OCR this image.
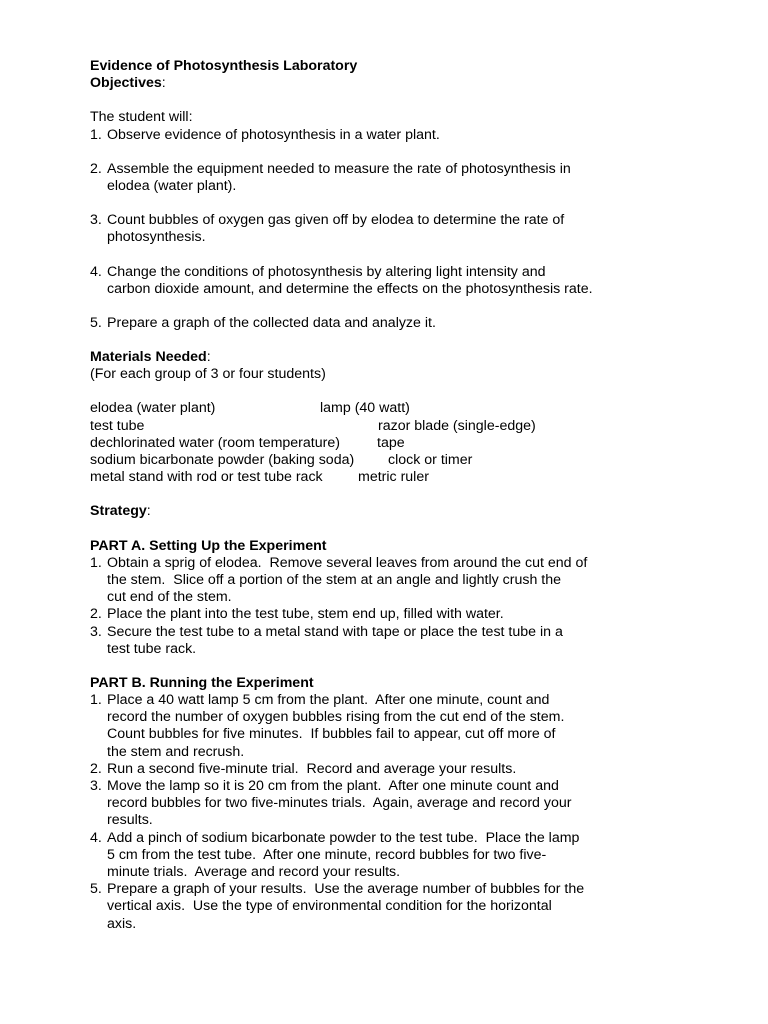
Evidence of Photosynthesis Laboratory
Objectives:
The student will:
1. Observe evidence of photosynthesis in a water plant.
2. Assemble the equipment needed to measure the rate of photosynthesis in
elodea (water plant).
3. Count bubbles of oxygen gas given off by elodea to determine the rate of
photosynthesis.
4. Change the conditions of photosynthesis by altering light intensity and
carbon dioxide amount, and determine the effects on the photosynthesis rate.
5. Prepare a graph of the collected data and analyze it.
Materials Needed:
(For each group of 3 or four students)
elodea (water plant)	lamp (40 watt)
test tube	razor blade (single-edge)
dechlorinated water (room temperature)	tape
sodium bicarbonate powder (baking soda) clock or timer
metal stand with rod or test tube rack metric ruler
Strategy:
PART A. Setting Up the Experiment
1. Obtain a sprig of elodea.  Remove several leaves from around the cut end of
the stem.  Slice off a portion of the stem at an angle and lightly crush the
cut end of the stem.
2. Place the plant into the test tube, stem end up, filled with water.
3. Secure the test tube to a metal stand with tape or place the test tube in a
test tube rack.
PART B. Running the Experiment
1. Place a 40 watt lamp 5 cm from the plant.  After one minute, count and
record the number of oxygen bubbles rising from the cut end of the stem.
Count bubbles for five minutes.  If bubbles fail to appear, cut off more of
the stem and recrush.
2. Run a second five-minute trial.  Record and average your results.
3. Move the lamp so it is 20 cm from the plant.  After one minute count and
record bubbles for two five-minutes trials.  Again, average and record your
results.
4. Add a pinch of sodium bicarbonate powder to the test tube.  Place the lamp
5 cm from the test tube.  After one minute, record bubbles for two five-
minute trials.  Average and record your results.
5. Prepare a graph of your results.  Use the average number of bubbles for the
vertical axis.  Use the type of environmental condition for the horizontal
axis.
